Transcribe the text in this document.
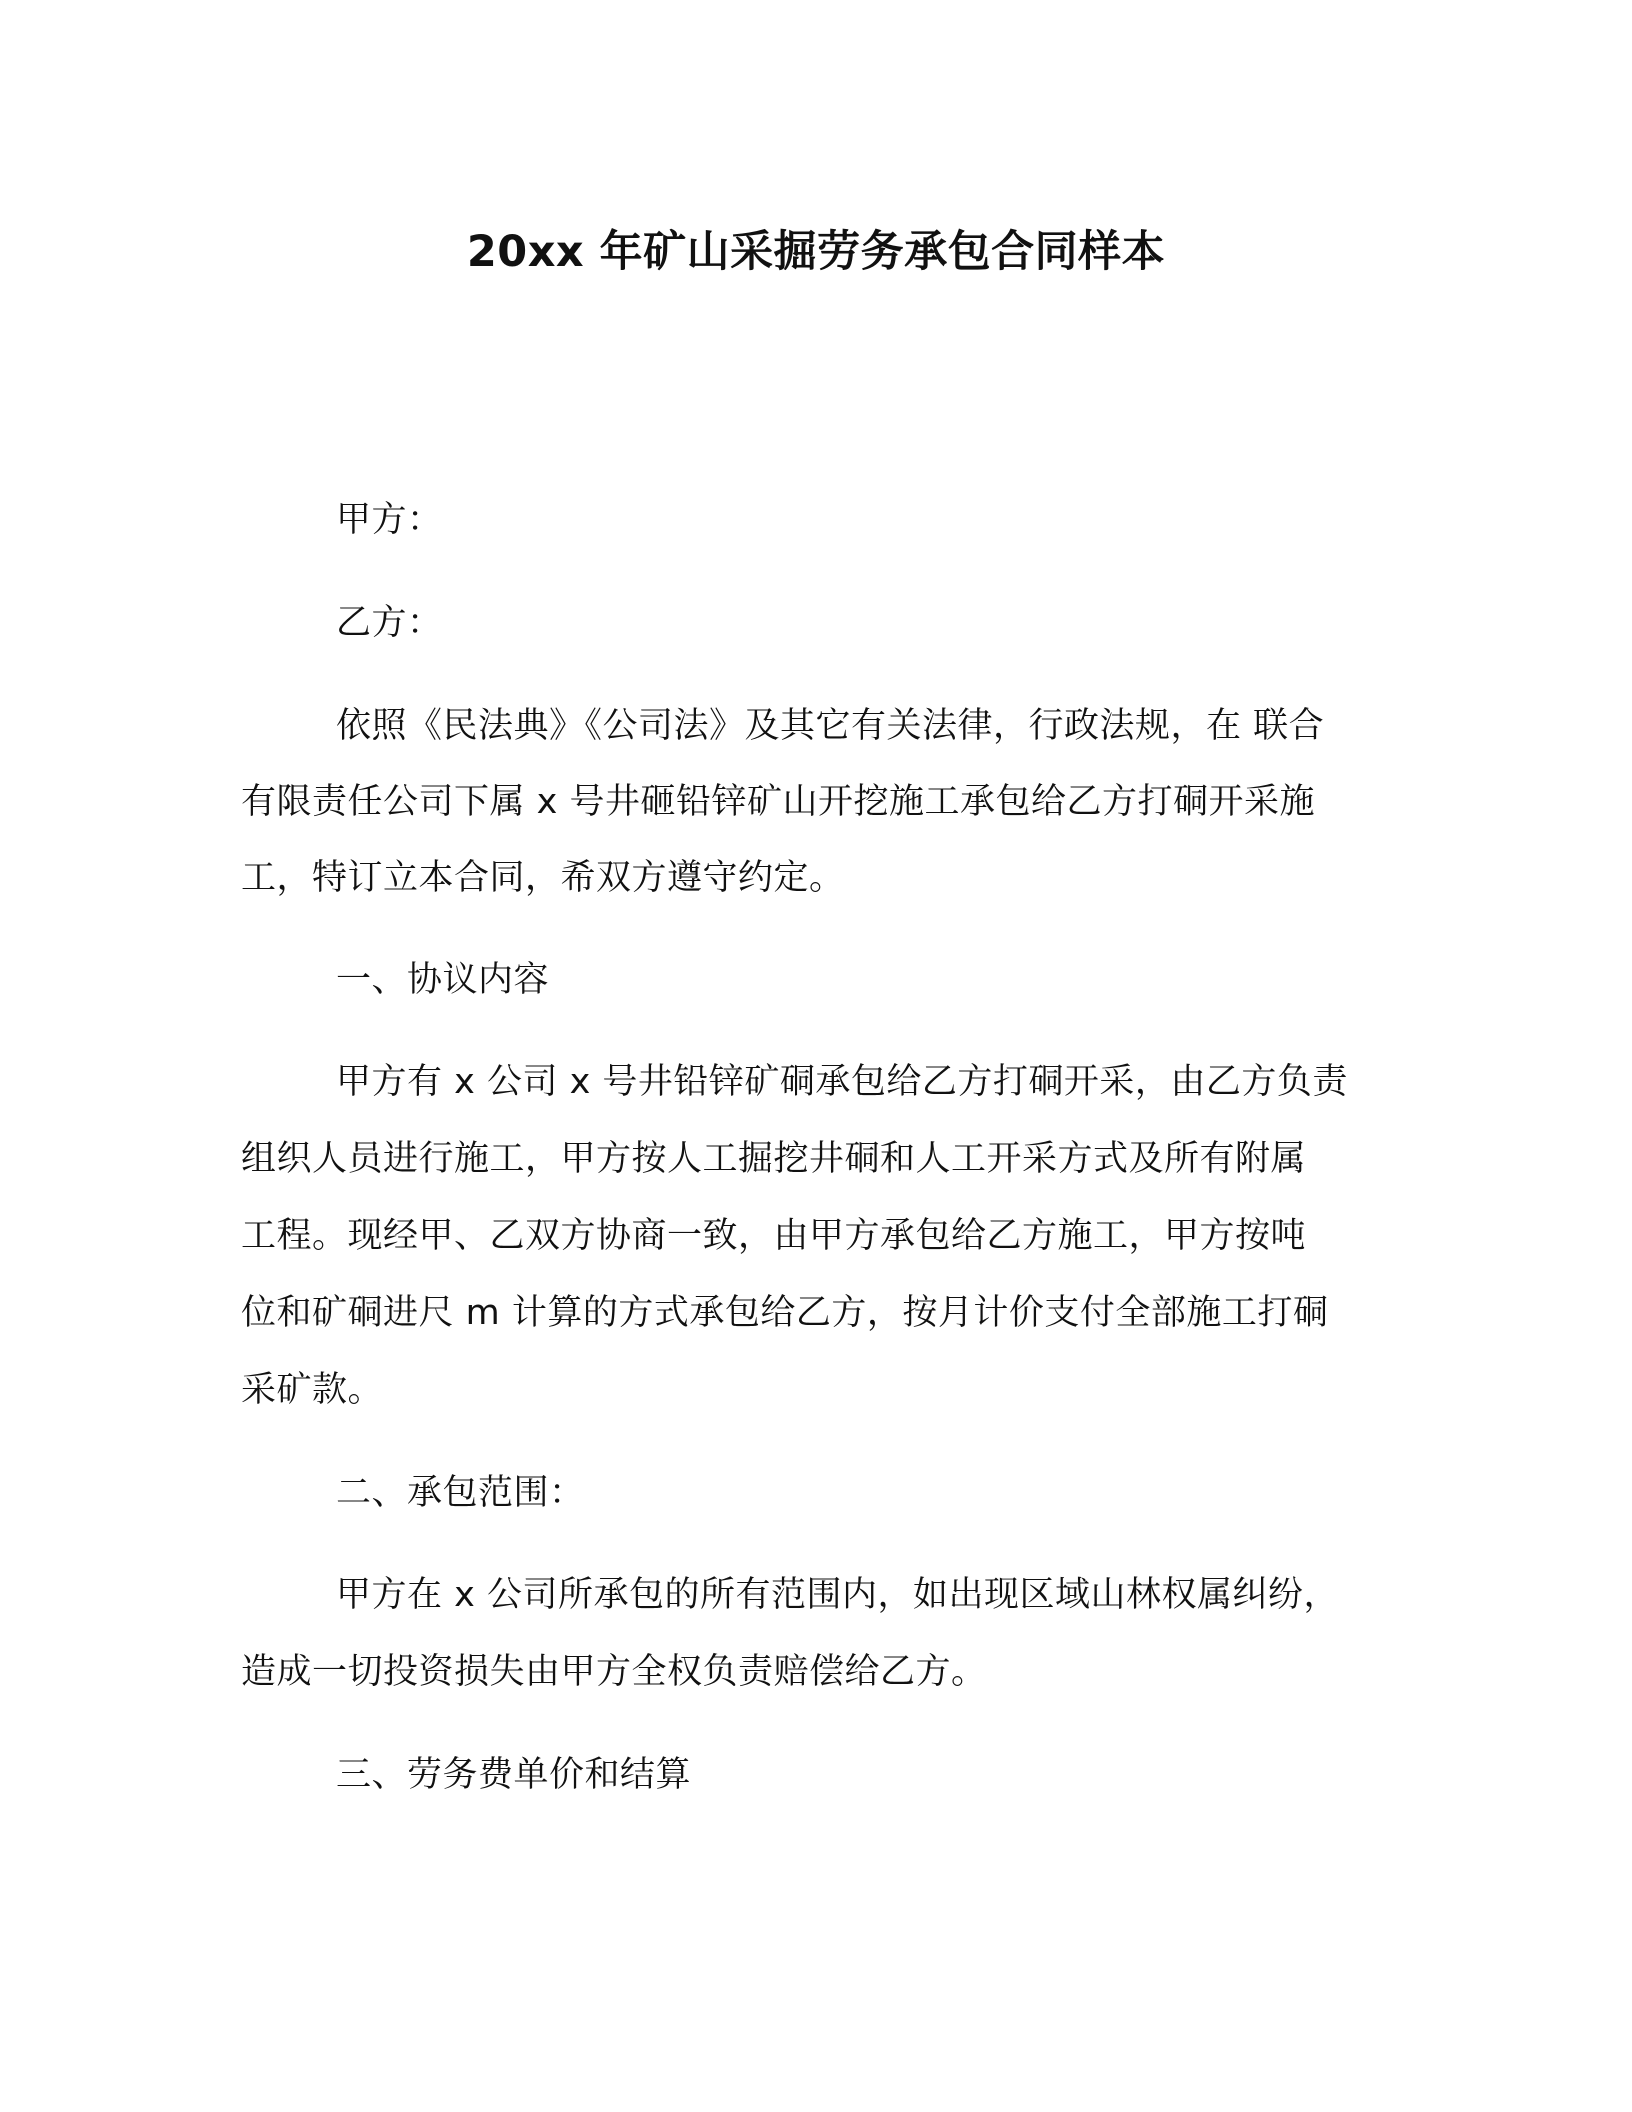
20xx 年矿山采掘劳务承包合同样本
甲方：
乙方：
依照《民法典》《公司法》及其它有关法律，行政法规，在 联合
有限责任公司下属 x 号井砸铅锌矿山开挖施工承包给乙方打硐开采施
工，特订立本合同，希双方遵守约定。
一、协议内容
甲方有 x 公司 x 号井铅锌矿硐承包给乙方打硐开采，由乙方负责
组织人员进行施工，甲方按人工掘挖井硐和人工开采方式及所有附属
工程。现经甲、乙双方协商一致，由甲方承包给乙方施工，甲方按吨
位和矿硐进尺 m 计算的方式承包给乙方，按月计价支付全部施工打硐
采矿款。
二、承包范围：
甲方在 x 公司所承包的所有范围内，如出现区域山林权属纠纷，
造成一切投资损失由甲方全权负责赔偿给乙方。
三、劳务费单价和结算
